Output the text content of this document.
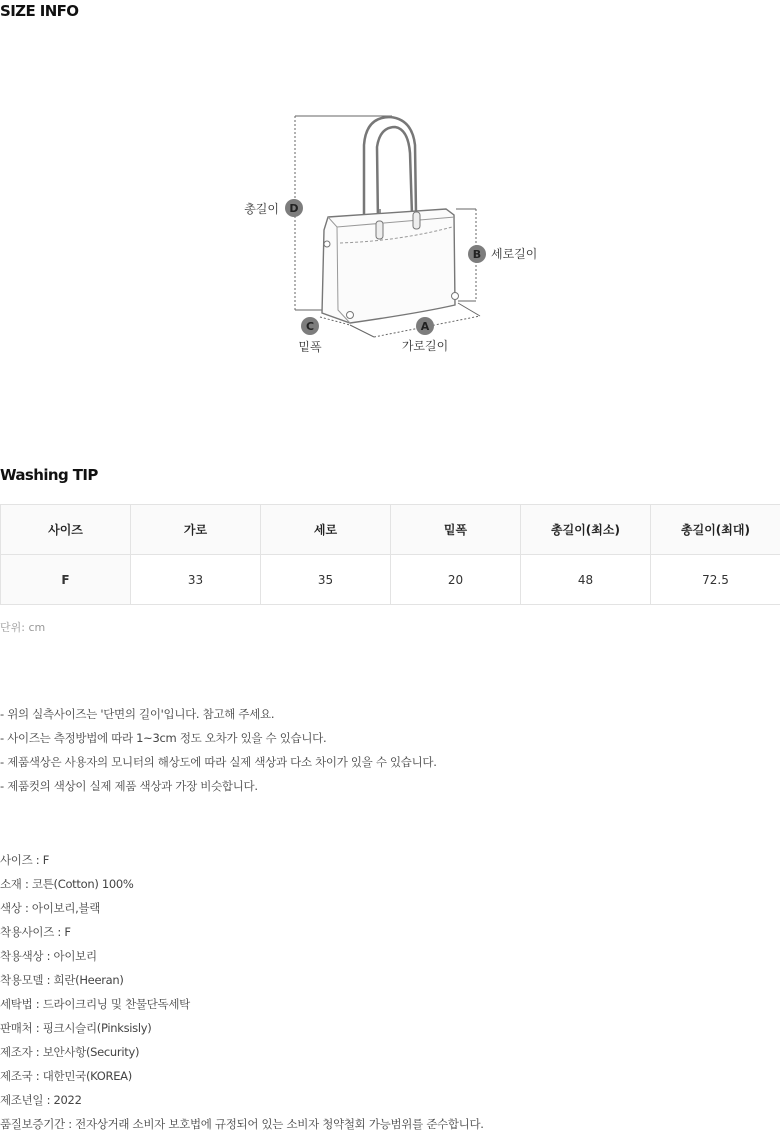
SIZE INFO
D
총길이
B 세로길이
C
밑폭
A
가로길이
Washing TIP
사이즈	가로	세로	밑폭	총길이(최소)	총길이(최대)
F	33	35	20	48	72.5
단위: cm

- 위의 실측사이즈는 '단면의 길이'입니다. 참고해 주세요.

- 사이즈는 측정방법에 따라 1~3cm 정도 오차가 있을 수 있습니다.

- 제품색상은 사용자의 모니터의 해상도에 따라 실제 색상과 다소 차이가 있을 수 있습니다.

- 제품컷의 색상이 실제 제품 색상과 가장 비슷합니다.

사이즈 : F

소재 : 코튼(Cotton) 100%

색상 : 아이보리,블랙

착용사이즈 : F

착용색상 : 아이보리

착용모델 : 희란(Heeran)

세탁법 : 드라이크리닝 및 찬물단독세탁

판매처 : 핑크시슬리(Pinksisly)

제조자 : 보안사항(Security)

제조국 : 대한민국(KOREA)

제조년일 : 2022

품질보증기간 : 전자상거래 소비자 보호법에 규정되어 있는 소비자 청약철회 가능범위를 준수합니다.
